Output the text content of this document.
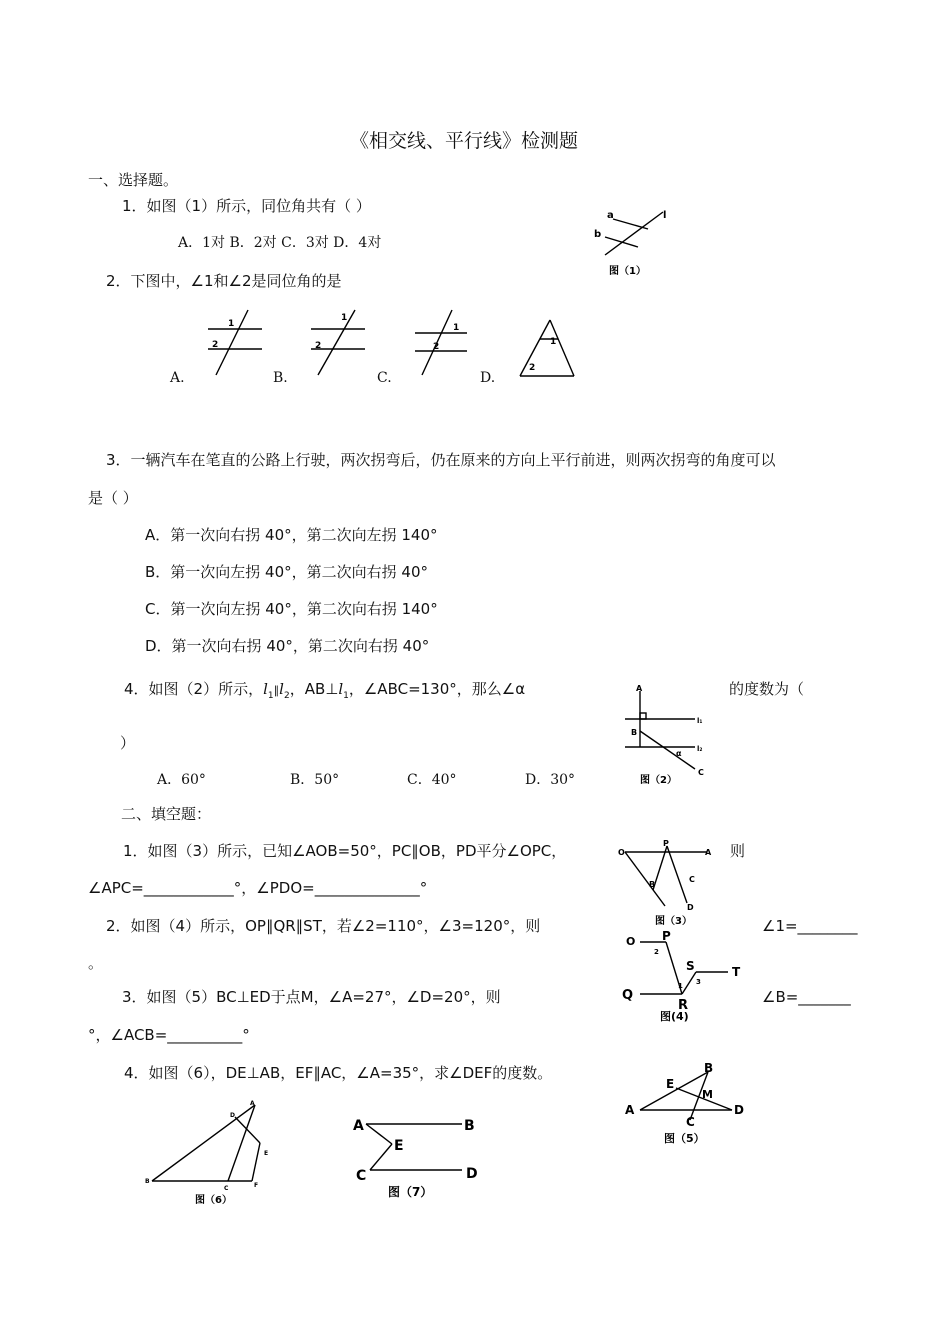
《相交线、平行线》检测题
一、选择题。
1．如图（1）所示，同位角共有（ ）
A．1对 B．2对 C．3对 D．4对
a
b
l
图（1）
2．下图中，∠1和∠2是同位角的是
1
2
1
2
1
2	1
2
A.	B.	C.	D.
3．一辆汽车在笔直的公路上行驶，两次拐弯后，仍在原来的方向上平行前进，则两次拐弯的角度可以
是（ ）
A．第一次向右拐 40°，第二次向左拐 140°
B．第一次向左拐 40°，第二次向右拐 40°
C．第一次向左拐 40°，第二次向右拐 140°
D．第一次向右拐 40°，第二次向右拐 40°
4．如图（2）所示，$l_1\parallel l_2$，$AB\perp l_1$，∠ABC=130°，那么∠α	的度数为（
）
A
B
C
l₁
l₂
α
图（2）
A．60°	B．50°	C．40°	D．30°
二、填空题：
1．如图（3）所示，已知∠AOB=50°，PC∥OB，PD平分∠OPC，	则
∠APC=____________°，∠PDO=______________°
O
P
A
B
C
D
图（3）
2．如图（4）所示，OP∥QR∥ST，若∠2=110°，∠3=120°，则	∠1=________
。
O P
Q
R
S	T
1
2
3
图(4)
3．如图（5）BC⊥ED于点M，∠A=27°，∠D=20°，则	∠B=_______
°，∠ACB=__________°
4．如图（6），DE⊥AB，EF∥AC，∠A=35°，求∠DEF的度数。
A
B
C
D
E
M
图（5）
A
B
C
D
E
F
图（6）
A	B
C	D
E
图（7）
